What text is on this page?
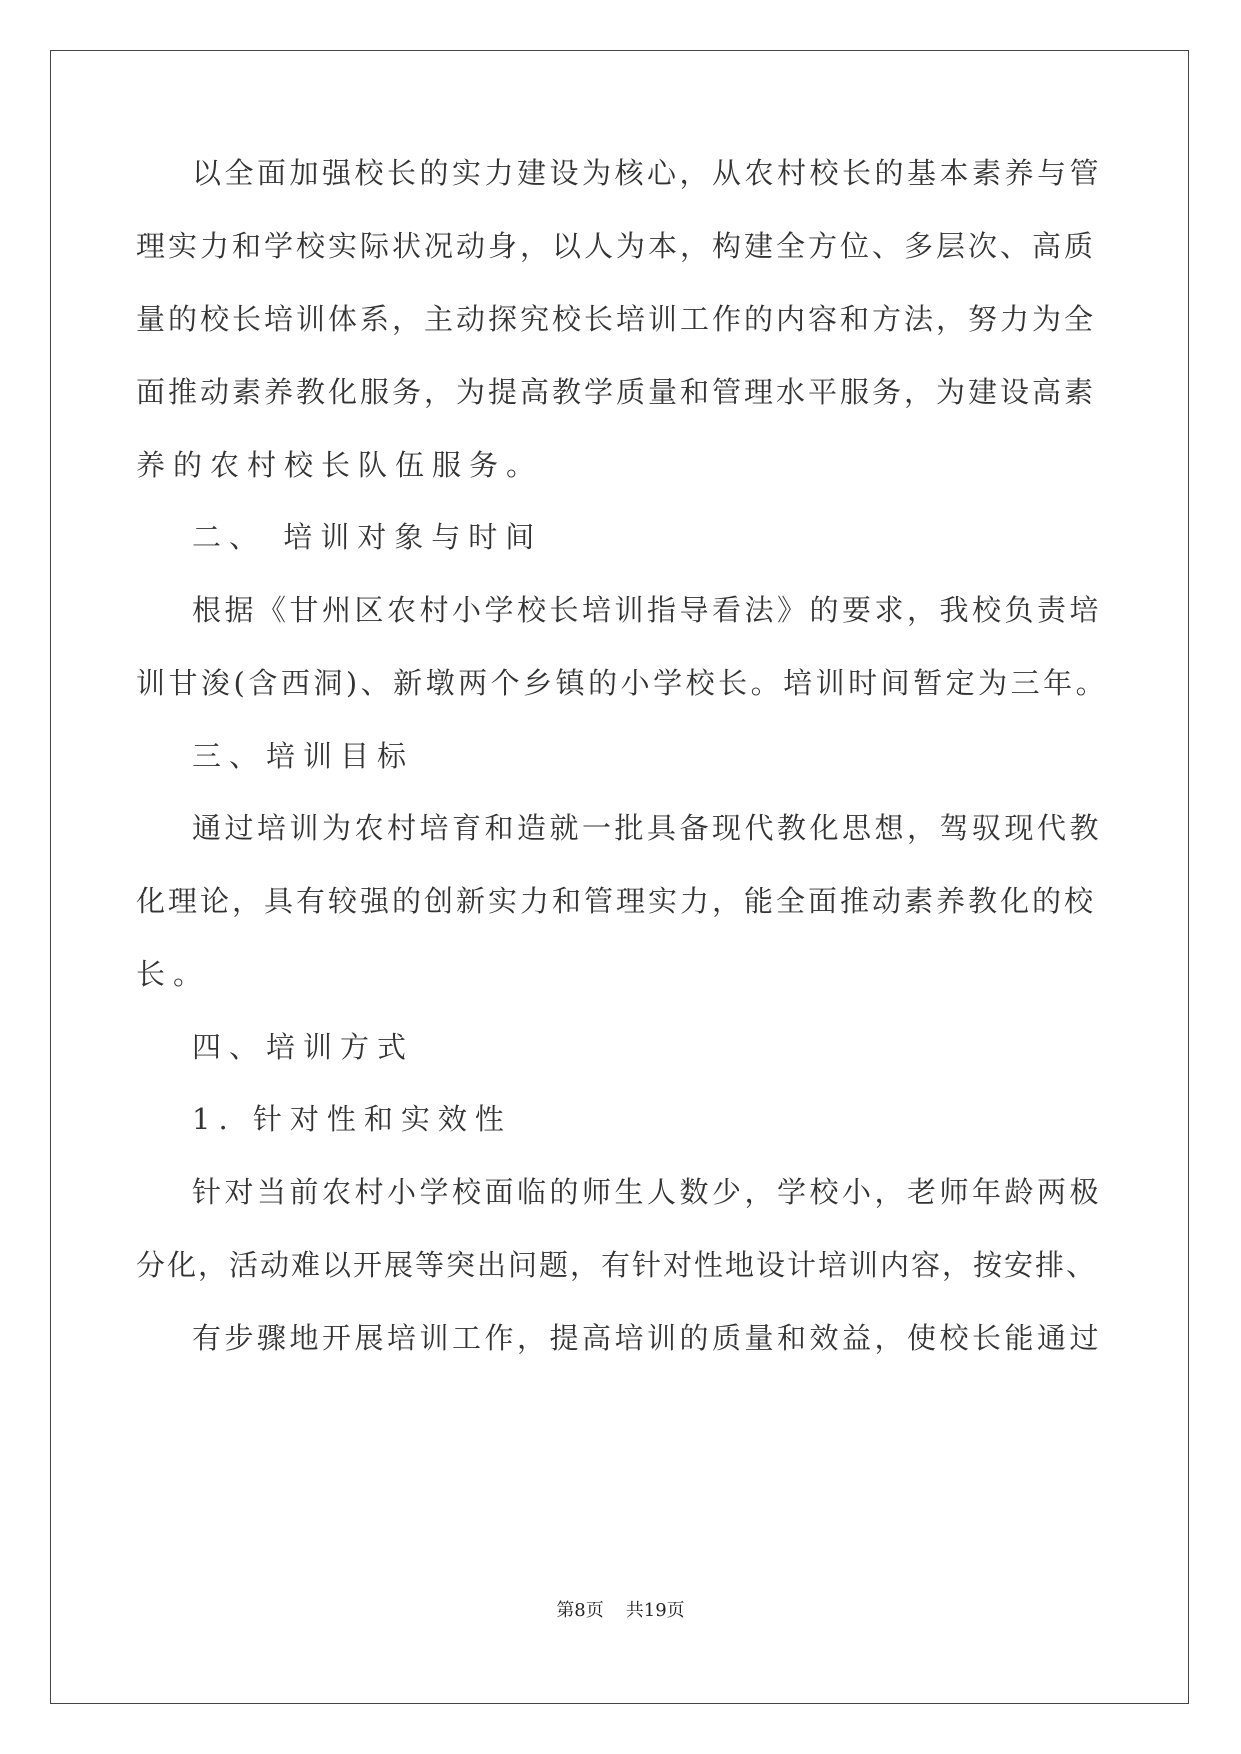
以全面加强校长的实力建设为核心，从农村校长的基本素养与管
理实力和学校实际状况动身，以人为本，构建全方位、多层次、高质
量的校长培训体系，主动探究校长培训工作的内容和方法，努力为全
面推动素养教化服务，为提高教学质量和管理水平服务，为建设高素
养的农村校长队伍服务。
二、 培训对象与时间
根据《甘州区农村小学校长培训指导看法》的要求，我校负责培
训甘浚(含西洞)、新墩两个乡镇的小学校长。培训时间暂定为三年。
三、培训目标
通过培训为农村培育和造就一批具备现代教化思想，驾驭现代教
化理论，具有较强的创新实力和管理实力，能全面推动素养教化的校
长。
四、培训方式
1. 针对性和实效性
针对当前农村小学校面临的师生人数少，学校小，老师年龄两极
分化，活动难以开展等突出问题，有针对性地设计培训内容，按安排、
有步骤地开展培训工作，提高培训的质量和效益，使校长能通过
第8页 共19页
